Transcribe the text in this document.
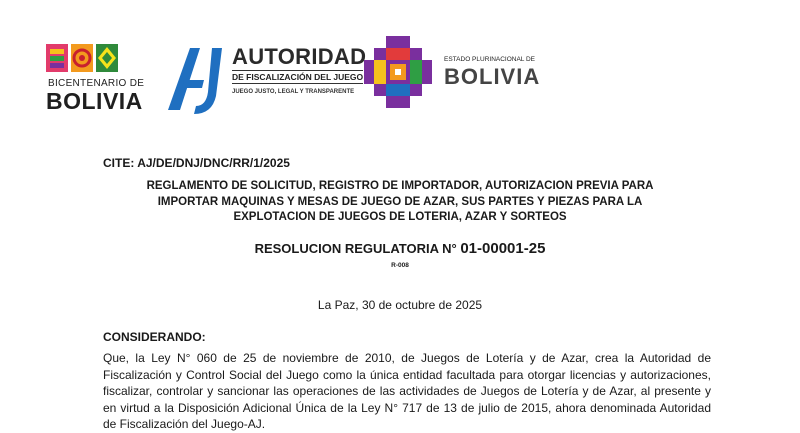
BICENTENARIO DE
BOLIVIA
AUTORIDAD
DE FISCALIZACIÓN DEL JUEGO
JUEGO JUSTO, LEGAL Y TRANSPARENTE
ESTADO PLURINACIONAL DE
BOLIVIA
CITE: AJ/DE/DNJ/DNC/RR/1/2025
REGLAMENTO DE SOLICITUD, REGISTRO DE IMPORTADOR, AUTORIZACION PREVIA PARA
IMPORTAR MAQUINAS Y MESAS DE JUEGO DE AZAR, SUS PARTES Y PIEZAS PARA LA
EXPLOTACION DE JUEGOS DE LOTERIA, AZAR Y SORTEOS
RESOLUCION REGULATORIA N° 01-00001-25
R-008
La Paz, 30 de octubre de 2025
CONSIDERANDO:
Que, la Ley N° 060 de 25 de noviembre de 2010, de Juegos de Lotería y de Azar, crea la Autoridad de Fiscalización y Control Social del Juego como la única entidad facultada para otorgar licencias y autorizaciones, fiscalizar, controlar y sancionar las operaciones de las actividades de Juegos de Lotería y de Azar, al presente y en virtud a la Disposición Adicional Única de la Ley N° 717 de 13 de julio de 2015, ahora denominada Autoridad de Fiscalización del Juego-AJ.
